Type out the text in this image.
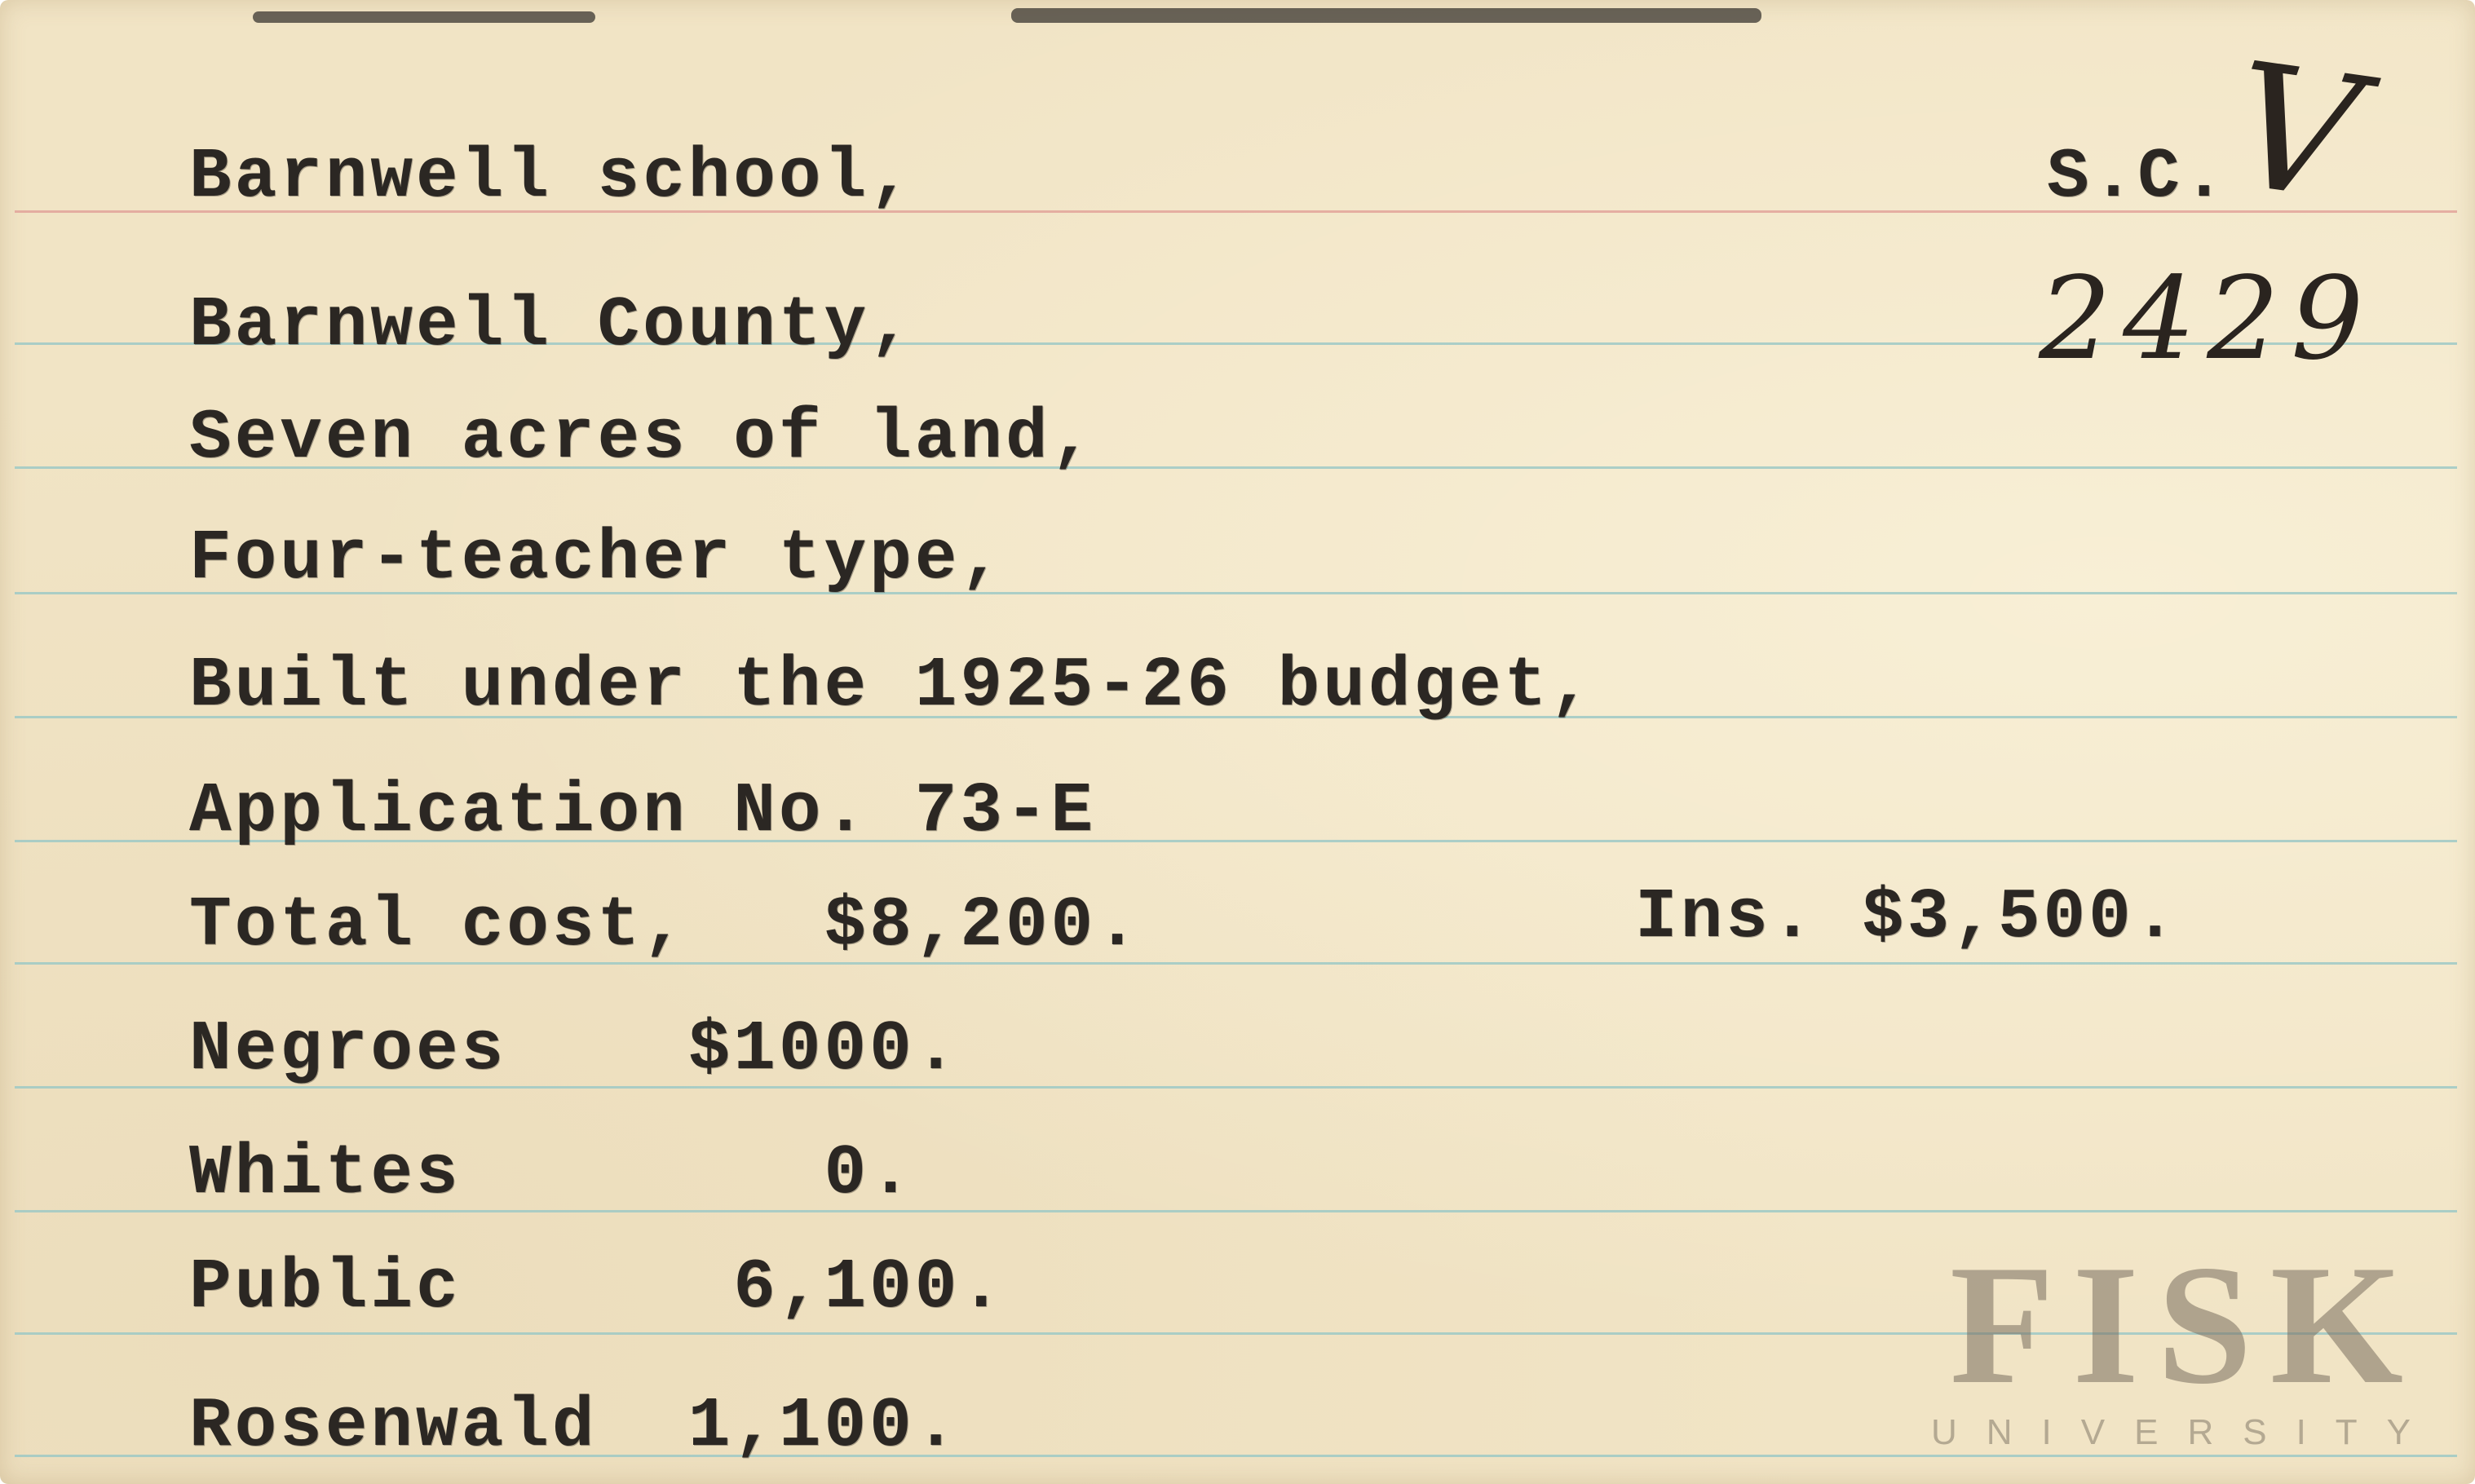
Barnwell school,
Barnwell County,
Seven acres of land,
Four-teacher type,
Built under the 1925-26 budget,
Application No. 73-E
Total cost,   $8,200.
Negroes    $1000.
Whites        0.
Public      6,100.
Rosenwald  1,100.
S.C.
Ins. $3,500.
V
2429
FISK
UNIVERSITY
